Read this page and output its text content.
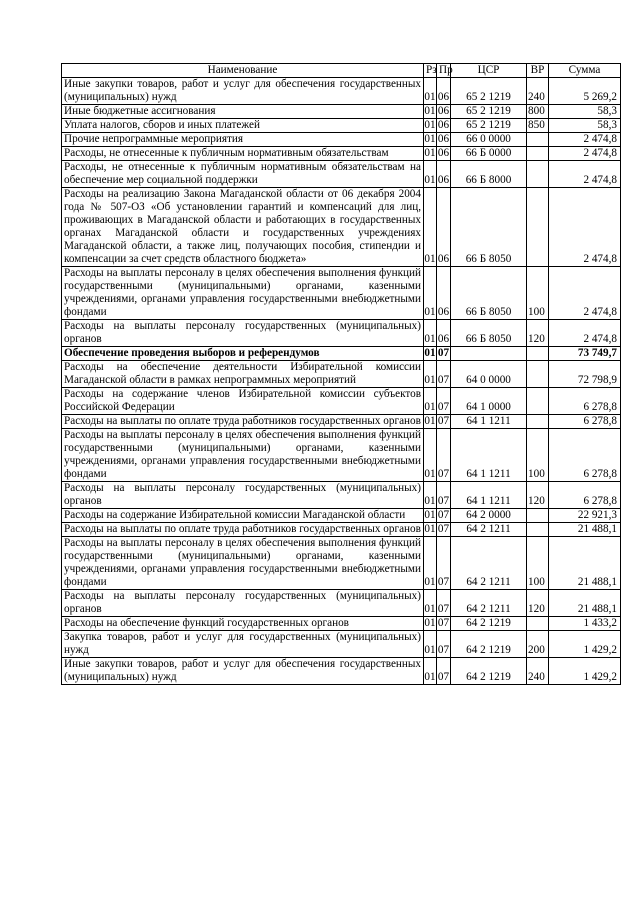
Наименование	Рз	Пр	ЦСР	ВР	Сумма
Иные закупки товаров, работ и услуг для обеспечения государственных (муниципальных) нужд	01	06	65 2 1219	240	5 269,2
Иные бюджетные ассигнования	01	06	65 2 1219	800	58,3
Уплата налогов, сборов и иных платежей	01	06	65 2 1219	850	58,3
Прочие непрограммные мероприятия	01	06	66 0 0000		2 474,8
Расходы, не отнесенные к публичным нормативным обязательствам	01	06	66 Б 0000		2 474,8
Расходы, не отнесенные к публичным нормативным обязательствам на обеспечение мер социальной поддержки	01	06	66 Б 8000		2 474,8
Расходы на реализацию Закона Магаданской области от 06 декабря 2004 года № 507-ОЗ «Об установлении гарантий и компенсаций для лиц, проживающих в Магаданской области и работающих в государственных органах Магаданской области и государственных учреждениях Магаданской области, а также лиц, получающих пособия, стипендии и компенсации за счет средств областного бюджета»	01	06	66 Б 8050		2 474,8
Расходы на выплаты персоналу в целях обеспечения выполнения функций государственными (муниципальными) органами, казенными учреждениями, органами управления государственными внебюджетными фондами	01	06	66 Б 8050	100	2 474,8
Расходы на выплаты персоналу государственных (муниципальных) органов	01	06	66 Б 8050	120	2 474,8
Обеспечение проведения выборов и референдумов	01	07			73 749,7
Расходы на обеспечение деятельности Избирательной комиссии Магаданской области в рамках непрограммных мероприятий	01	07	64 0 0000		72 798,9
Расходы на содержание членов Избирательной комиссии субъектов Российской Федерации	01	07	64 1 0000		6 278,8
Расходы на выплаты по оплате труда работников государственных органов	01	07	64 1 1211		6 278,8
Расходы на выплаты персоналу в целях обеспечения выполнения функций государственными (муниципальными) органами, казенными учреждениями, органами управления государственными внебюджетными фондами	01	07	64 1 1211	100	6 278,8
Расходы на выплаты персоналу государственных (муниципальных) органов	01	07	64 1 1211	120	6 278,8
Расходы на содержание Избирательной комиссии Магаданской области	01	07	64 2 0000		22 921,3
Расходы на выплаты по оплате труда работников государственных органов	01	07	64 2 1211		21 488,1
Расходы на выплаты персоналу в целях обеспечения выполнения функций государственными (муниципальными) органами, казенными учреждениями, органами управления государственными внебюджетными фондами	01	07	64 2 1211	100	21 488,1
Расходы на выплаты персоналу государственных (муниципальных) органов	01	07	64 2 1211	120	21 488,1
Расходы на обеспечение функций государственных органов	01	07	64 2 1219		1 433,2
Закупка товаров, работ и услуг для государственных (муниципальных) нужд	01	07	64 2 1219	200	1 429,2
Иные закупки товаров, работ и услуг для обеспечения государственных (муниципальных) нужд	01	07	64 2 1219	240	1 429,2
